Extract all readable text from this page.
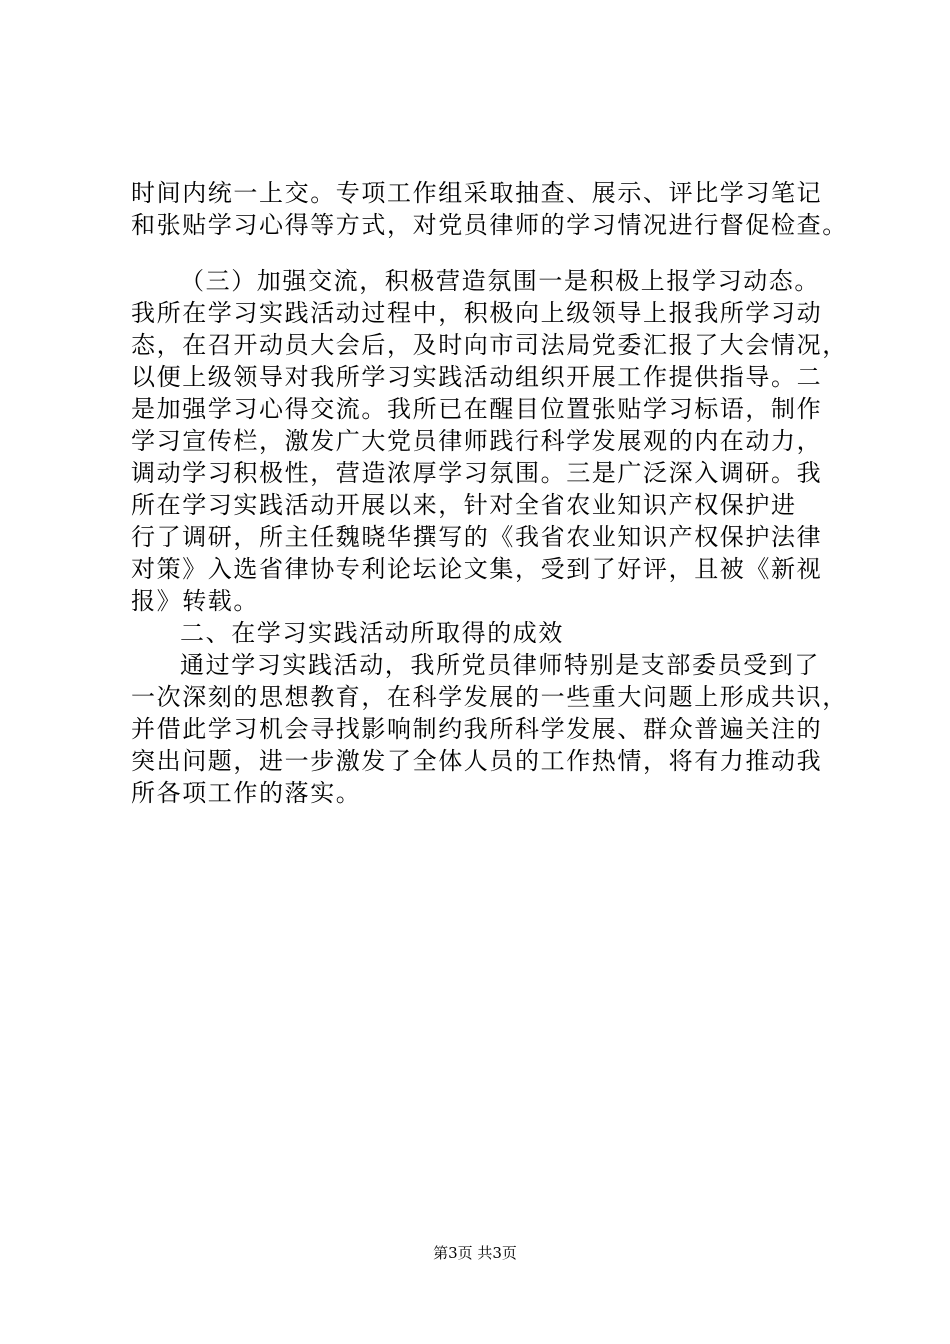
时间内统一上交。专项工作组采取抽查、展示、评比学习笔记
和张贴学习心得等方式，对党员律师的学习情况进行督促检查。
（三）加强交流，积极营造氛围一是积极上报学习动态。
我所在学习实践活动过程中，积极向上级领导上报我所学习动
态，在召开动员大会后，及时向市司法局党委汇报了大会情况，
以便上级领导对我所学习实践活动组织开展工作提供指导。二
是加强学习心得交流。我所已在醒目位置张贴学习标语，制作
学习宣传栏，激发广大党员律师践行科学发展观的内在动力，
调动学习积极性，营造浓厚学习氛围。三是广泛深入调研。我
所在学习实践活动开展以来，针对全省农业知识产权保护进
行了调研，所主任魏晓华撰写的《我省农业知识产权保护法律
对策》入选省律协专利论坛论文集，受到了好评，且被《新视
报》转载。
二、在学习实践活动所取得的成效
通过学习实践活动，我所党员律师特别是支部委员受到了
一次深刻的思想教育，在科学发展的一些重大问题上形成共识，
并借此学习机会寻找影响制约我所科学发展、群众普遍关注的
突出问题，进一步激发了全体人员的工作热情，将有力推动我
所各项工作的落实。
第3页 共3页
